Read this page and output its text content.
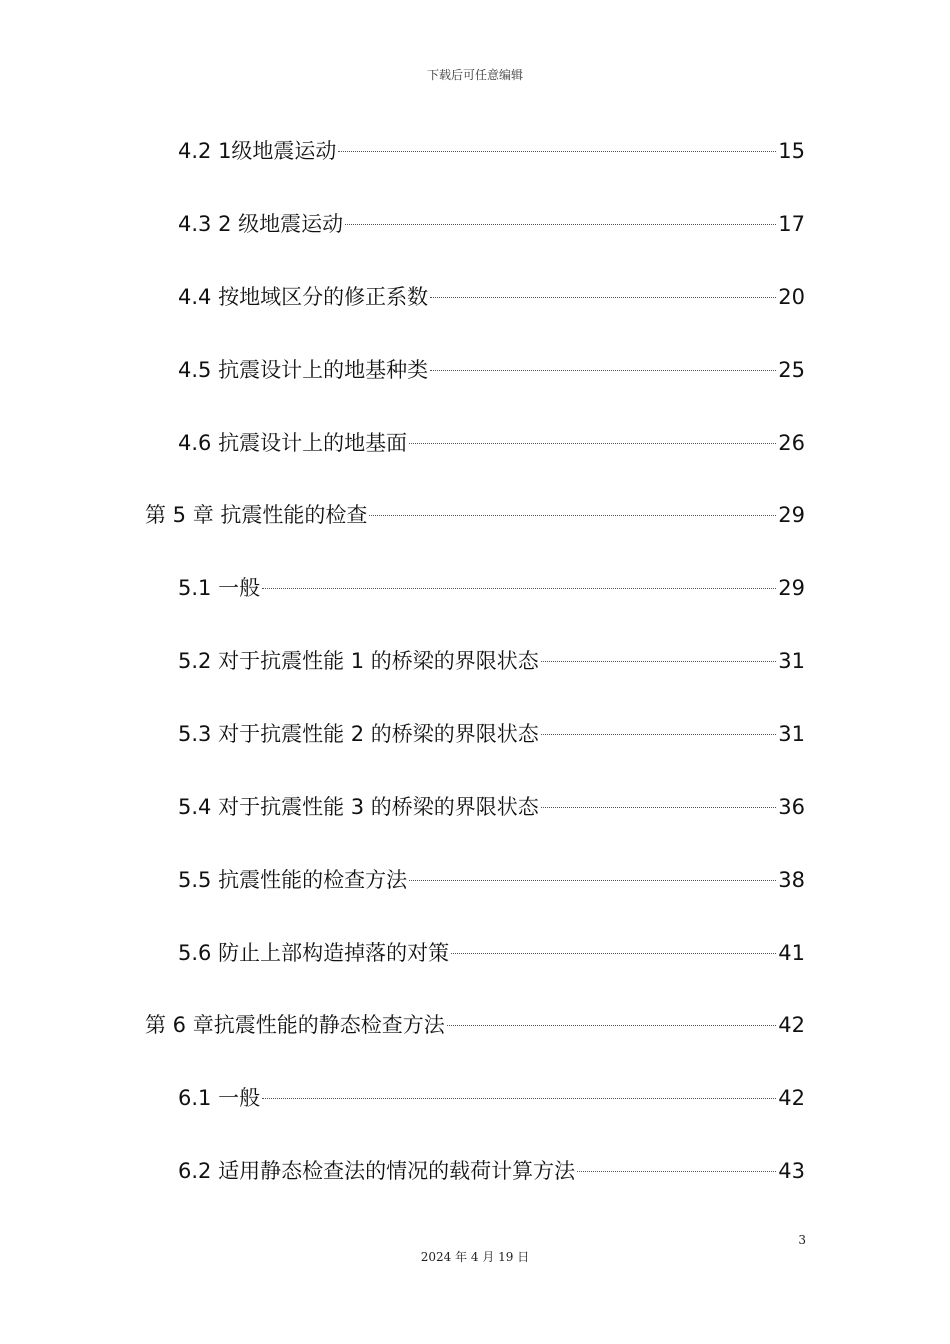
下载后可任意编辑
4.2 1级地震运动	15
4.3 2 级地震运动	17
4.4 按地域区分的修正系数	20
4.5 抗震设计上的地基种类	25
4.6 抗震设计上的地基面	26
第 5 章 抗震性能的检查	29
5.1 一般	29
5.2 对于抗震性能 1 的桥梁的界限状态	31
5.3 对于抗震性能 2 的桥梁的界限状态	31
5.4 对于抗震性能 3 的桥梁的界限状态	36
5.5 抗震性能的检查方法	38
5.6 防止上部构造掉落的对策	41
第 6 章抗震性能的静态检查方法	42
6.1 一般	42
6.2 适用静态检查法的情况的载荷计算方法	43
3
2024 年 4 月 19 日
